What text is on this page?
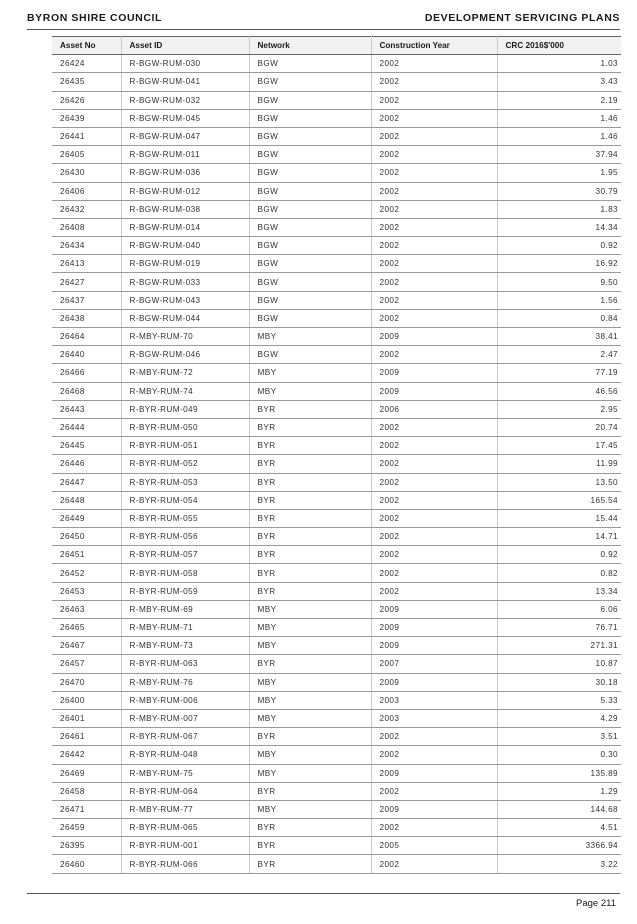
BYRON SHIRE COUNCIL	DEVELOPMENT SERVICING PLANS
Asset No	Asset ID	Network	Construction Year	CRC 2016$'000
26424	R-BGW-RUM-030	BGW	2002	1.03
26435	R-BGW-RUM-041	BGW	2002	3.43
26426	R-BGW-RUM-032	BGW	2002	2.19
26439	R-BGW-RUM-045	BGW	2002	1.46
26441	R-BGW-RUM-047	BGW	2002	1.46
26405	R-BGW-RUM-011	BGW	2002	37.94
26430	R-BGW-RUM-036	BGW	2002	1.95
26406	R-BGW-RUM-012	BGW	2002	30.79
26432	R-BGW-RUM-038	BGW	2002	1.83
26408	R-BGW-RUM-014	BGW	2002	14.34
26434	R-BGW-RUM-040	BGW	2002	0.92
26413	R-BGW-RUM-019	BGW	2002	16.92
26427	R-BGW-RUM-033	BGW	2002	9.50
26437	R-BGW-RUM-043	BGW	2002	1.56
26438	R-BGW-RUM-044	BGW	2002	0.84
26464	R-MBY-RUM-70	MBY	2009	38.41
26440	R-BGW-RUM-046	BGW	2002	2.47
26466	R-MBY-RUM-72	MBY	2009	77.19
26468	R-MBY-RUM-74	MBY	2009	46.56
26443	R-BYR-RUM-049	BYR	2006	2.95
26444	R-BYR-RUM-050	BYR	2002	20.74
26445	R-BYR-RUM-051	BYR	2002	17.45
26446	R-BYR-RUM-052	BYR	2002	11.99
26447	R-BYR-RUM-053	BYR	2002	13.50
26448	R-BYR-RUM-054	BYR	2002	165.54
26449	R-BYR-RUM-055	BYR	2002	15.44
26450	R-BYR-RUM-056	BYR	2002	14.71
26451	R-BYR-RUM-057	BYR	2002	0.92
26452	R-BYR-RUM-058	BYR	2002	0.82
26453	R-BYR-RUM-059	BYR	2002	13.34
26463	R-MBY-RUM-69	MBY	2009	6.06
26465	R-MBY-RUM-71	MBY	2009	76.71
26467	R-MBY-RUM-73	MBY	2009	271.31
26457	R-BYR-RUM-063	BYR	2007	10.87
26470	R-MBY-RUM-76	MBY	2009	30.18
26400	R-MBY-RUM-006	MBY	2003	5.33
26401	R-MBY-RUM-007	MBY	2003	4.29
26461	R-BYR-RUM-067	BYR	2002	3.51
26442	R-BYR-RUM-048	MBY	2002	0.30
26469	R-MBY-RUM-75	MBY	2009	135.89
26458	R-BYR-RUM-064	BYR	2002	1.29
26471	R-MBY-RUM-77	MBY	2009	144.68
26459	R-BYR-RUM-065	BYR	2002	4.51
26395	R-BYR-RUM-001	BYR	2005	3366.94
26460	R-BYR-RUM-066	BYR	2002	3.22
Page 211
